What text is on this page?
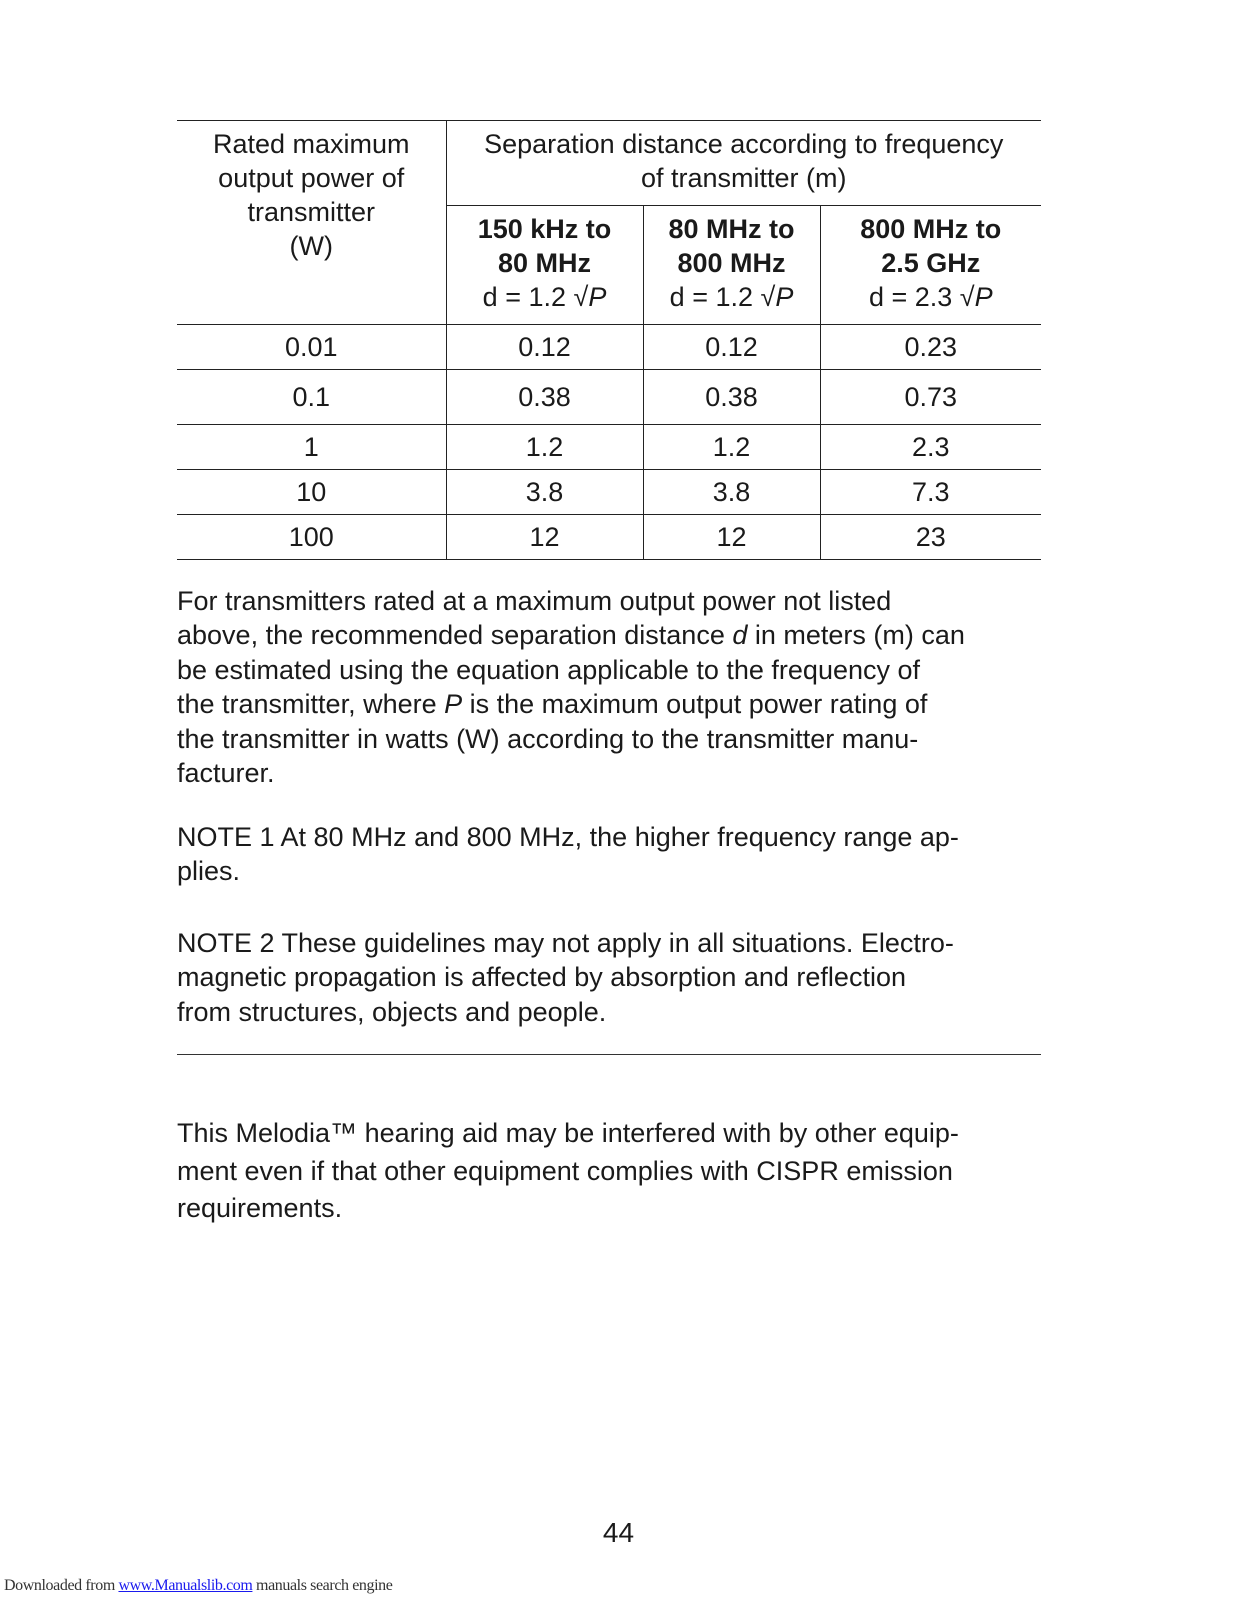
Rated maximum
output power of
transmitter
(W)	Separation distance according to frequency
of transmitter (m)		

	150 kHz to
80 MHz
d = 1.2 √P	80 MHz to
800 MHz
d = 1.2 √P	800 MHz to
2.5 GHz
d = 2.3 √P

0.01	0.12	0.12	0.23
0.1	0.38	0.38	0.73
1	1.2	1.2	2.3
10	3.8	3.8	7.3
100	12	12	23

For transmitters rated at a maximum output power not listed
above, the recommended separation distance d in meters (m) can
be estimated using the equation applicable to the frequency of
the transmitter, where P is the maximum output power rating of
the transmitter in watts (W) according to the transmitter manu-
facturer.

NOTE 1 At 80 MHz and 800 MHz, the higher frequency range ap-
plies.

NOTE 2 These guidelines may not apply in all situations. Electro-
magnetic propagation is affected by absorption and reflection
from structures, objects and people.

This Melodia™ hearing aid may be interfered with by other equip-
ment even if that other equipment complies with CISPR emission
requirements.

44
Downloaded from www.Manualslib.com manuals search engine
